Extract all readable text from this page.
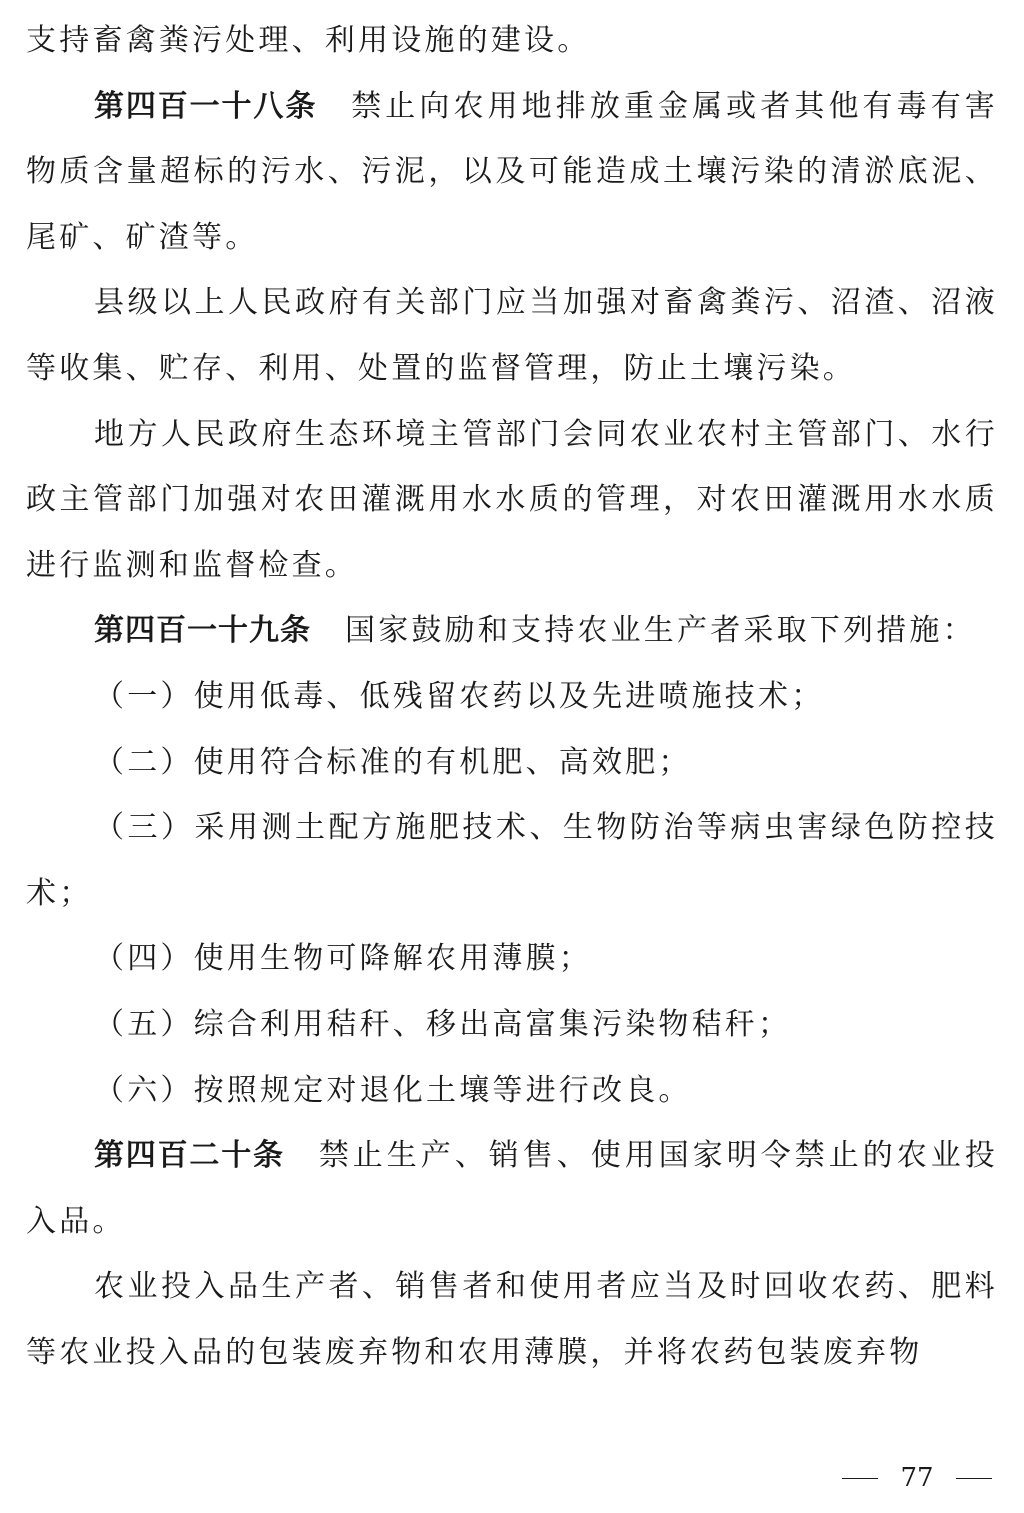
支持畜禽粪污处理、利用设施的建设。

第四百一十八条 禁止向农用地排放重金属或者其他有毒有害物质含量超标的污水、污泥，以及可能造成土壤污染的清淤底泥、尾矿、矿渣等。

县级以上人民政府有关部门应当加强对畜禽粪污、沼渣、沼液等收集、贮存、利用、处置的监督管理，防止土壤污染。

地方人民政府生态环境主管部门会同农业农村主管部门、水行政主管部门加强对农田灌溉用水水质的管理，对农田灌溉用水水质进行监测和监督检查。

第四百一十九条 国家鼓励和支持农业生产者采取下列措施：

（一）使用低毒、低残留农药以及先进喷施技术；

（二）使用符合标准的有机肥、高效肥；

（三）采用测土配方施肥技术、生物防治等病虫害绿色防控技术；

（四）使用生物可降解农用薄膜；

（五）综合利用秸秆、移出高富集污染物秸秆；

（六）按照规定对退化土壤等进行改良。

第四百二十条 禁止生产、销售、使用国家明令禁止的农业投入品。

农业投入品生产者、销售者和使用者应当及时回收农药、肥料等农业投入品的包装废弃物和农用薄膜，并将农药包装废弃物

77
